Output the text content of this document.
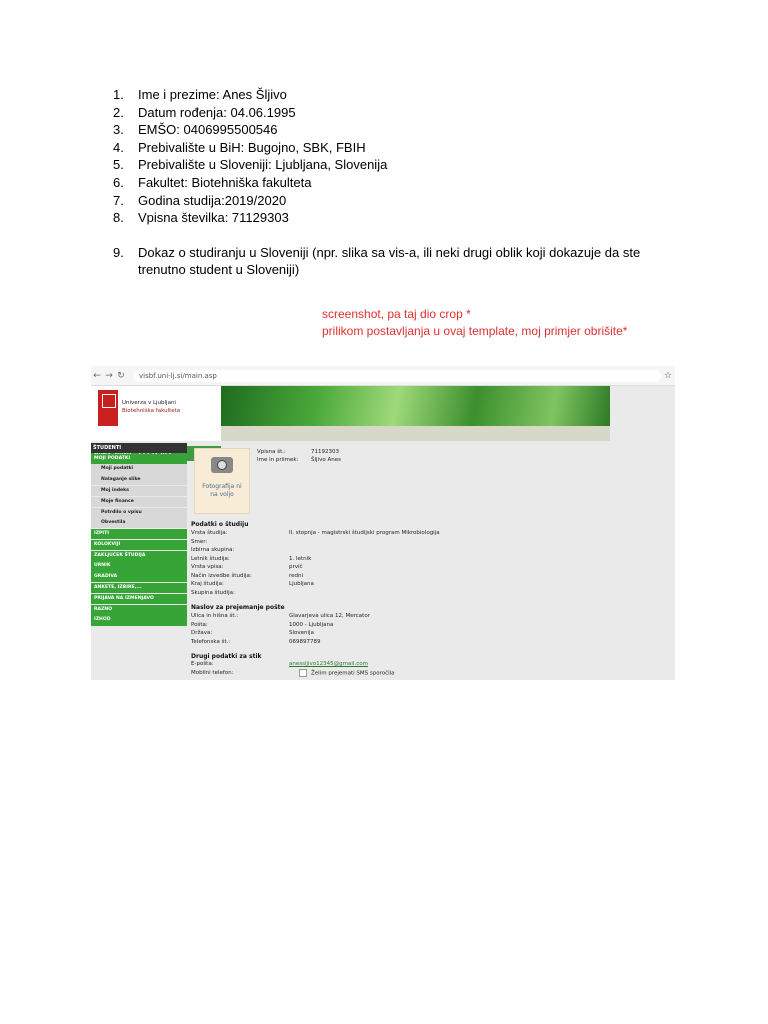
1.	Ime i prezime: Anes Šljivo
2.	Datum rođenja: 04.06.1995
3.	EMŠO: 0406995500546
4.	Prebivalište u BiH: Bugojno, SBK, FBIH
5.	Prebivalište u Sloveniji: Ljubljana, Slovenija
6.	Fakultet: Biotehniška fakulteta
7.	Godina studija:2019/2020
8.	Vpisna številka: 71129303
9.	Dokaz o studiranju u Sloveniji (npr. slika sa vis-a, ili neki drugi oblik koji dokazuje da ste trenutno student u Sloveniji)
screenshot, pa taj dio crop *
prilikom postavljanja u ovaj template, moj primjer obrišite*
← → ↻	visbf.uni-lj.si/main.asp	☆
Univerza v Ljubljani
Biotehniška fakulteta
ŠTUDENTI
MOJI PODATKI
Moji podatki
Nalaganje slike
Moj indeks
Moje finance
Potrdilo o vpisu
Obvestila
IZPITI
KOLOKVIJI
ZAKLJUČEK ŠTUDIJA
URNIK
GRADIVA
ANKETE, IZBIRE,...
PRIJAVA NA IZMENJAVO
RAZNO
IZHOD
Fotografija ni
na voljo
Vpisna št.:	71192303
Ime in priimek:	Šljivo Anes
Podatki o študiju
Vrsta študija:	II. stopnja - magistrski študijski program Mikrobiologija
Smer:
Izbirna skupina:
Letnik študija:	1. letnik
Vrsta vpisa:	prvič
Način izvedbe študija:	redni
Kraj študija:	Ljubljana
Skupina študija:
Naslov za prejemanje pošte
Ulica in hišna št.:	Glavarjeva ulica 12, Mercator
Pošta:	1000 - Ljubljana
Država:	Slovenija
Telefonska št.:	069897789
Drugi podatki za stik
E-pošta:	anessljivo12345@gmail.com
Mobilni telefon:	Želim prejemati SMS sporočila
